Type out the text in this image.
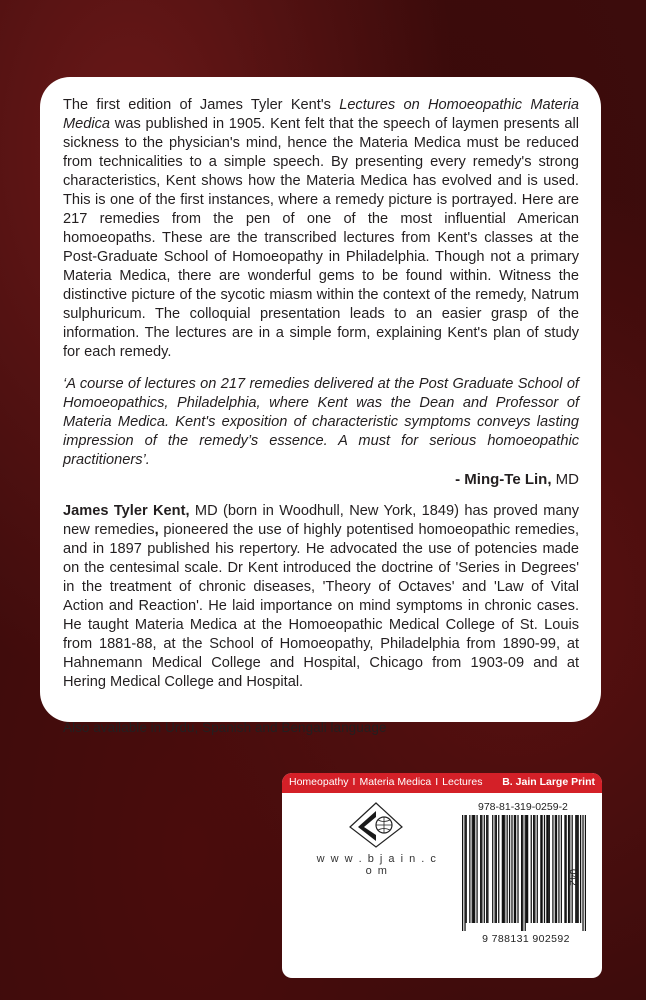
The first edition of James Tyler Kent's Lectures on Homoeopathic Materia Medica was published in 1905. Kent felt that the speech of laymen presents all sickness to the physician's mind, hence the Materia Medica must be reduced from technicalities to a simple speech. By presenting every remedy's strong characteristics, Kent shows how the Materia Medica has evolved and is used. This is one of the first instances, where a remedy picture is portrayed. Here are 217 remedies from the pen of one of the most influential American homoeopaths. These are the transcribed lectures from Kent's classes at the Post-Graduate School of Homoeopathy in Philadelphia. Though not a primary Materia Medica, there are wonderful gems to be found within. Witness the distinctive picture of the sycotic miasm within the context of the remedy, Natrum sulphuricum. The colloquial presentation leads to an easier grasp of the information. The lectures are in a simple form, explaining Kent's plan of study for each remedy.

‘A course of lectures on 217 remedies delivered at the Post Graduate School of Homoeopathics, Philadelphia, where Kent was the Dean and Professor of Materia Medica. Kent's exposition of characteristic symptoms conveys lasting impression of the remedy’s essence. A must for serious homoeopathic practitioners’.

- Ming-Te Lin, MD

James Tyler Kent, MD (born in Woodhull, New York, 1849) has proved many new remedies, pioneered the use of highly potentised homoeopathic remedies, and in 1897 published his repertory. He advocated the use of potencies made on the centesimal scale. Dr Kent introduced the doctrine of 'Series in Degrees' in the treatment of chronic diseases, 'Theory of Octaves' and 'Law of Vital Action and Reaction'. He laid importance on mind symptoms in chronic cases. He taught Materia Medica at the Homoeopathic Medical College of St. Louis from 1881-88, at the School of Homoeopathy, Philadelphia from 1890-99, at Hahnemann Medical College and Hospital, Chicago from 1903-09 and at Hering Medical College and Hospital.

Also available in Urdu, Spanish and Bengali language

Homeopathy I Materia Medica I Lectures B. Jain Large Print
w w w . b j a i n . c o m
978-81-319-0259-2
042
9 788131 902592
